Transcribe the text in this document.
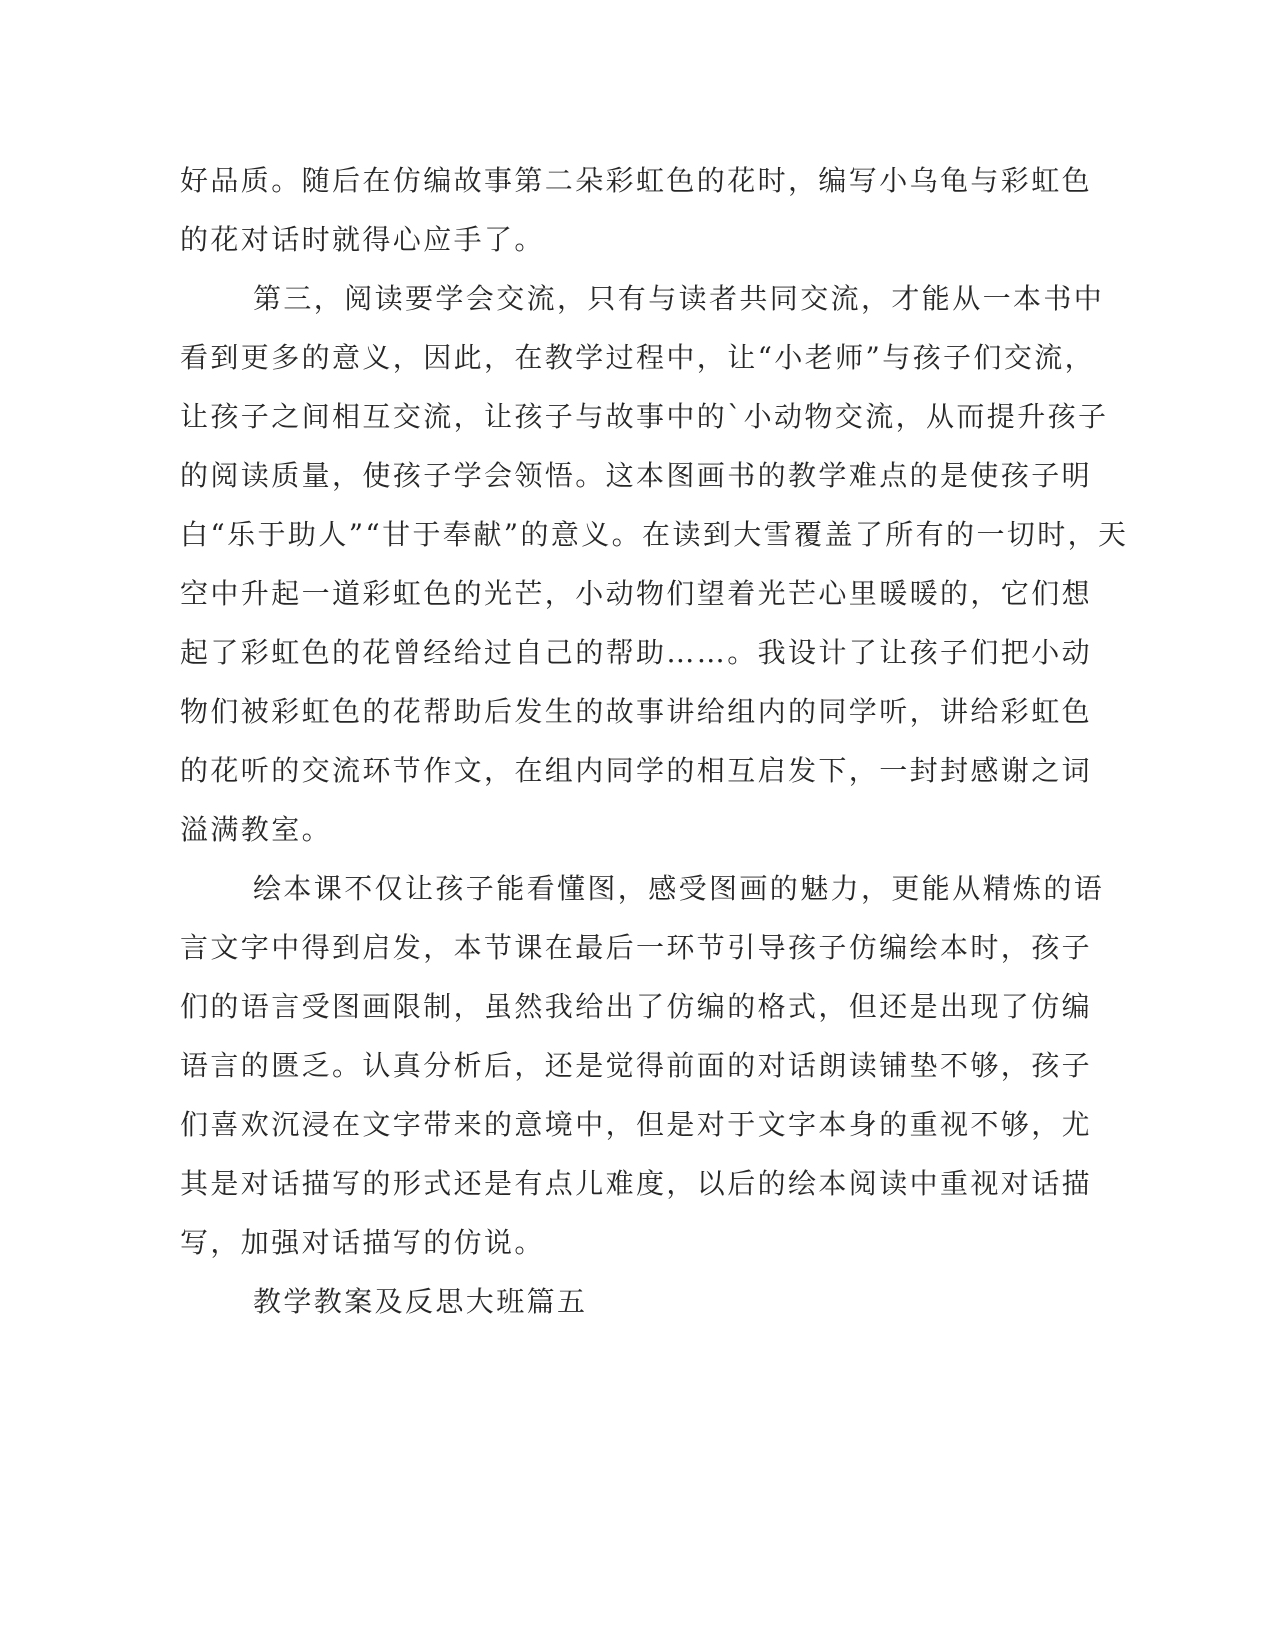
好品质。随后在仿编故事第二朵彩虹色的花时，编写小乌龟与彩虹色
的花对话时就得心应手了。
第三，阅读要学会交流，只有与读者共同交流，才能从一本书中
看到更多的意义，因此，在教学过程中，让“小老师”与孩子们交流，
让孩子之间相互交流，让孩子与故事中的`小动物交流，从而提升孩子
的阅读质量，使孩子学会领悟。这本图画书的教学难点的是使孩子明
白“乐于助人”“甘于奉献”的意义。在读到大雪覆盖了所有的一切时，天
空中升起一道彩虹色的光芒，小动物们望着光芒心里暖暖的，它们想
起了彩虹色的花曾经给过自己的帮助……。我设计了让孩子们把小动
物们被彩虹色的花帮助后发生的故事讲给组内的同学听，讲给彩虹色
的花听的交流环节作文，在组内同学的相互启发下，一封封感谢之词
溢满教室。
绘本课不仅让孩子能看懂图，感受图画的魅力，更能从精炼的语
言文字中得到启发，本节课在最后一环节引导孩子仿编绘本时，孩子
们的语言受图画限制，虽然我给出了仿编的格式，但还是出现了仿编
语言的匮乏。认真分析后，还是觉得前面的对话朗读铺垫不够，孩子
们喜欢沉浸在文字带来的意境中，但是对于文字本身的重视不够，尤
其是对话描写的形式还是有点儿难度，以后的绘本阅读中重视对话描
写，加强对话描写的仿说。
教学教案及反思大班篇五
